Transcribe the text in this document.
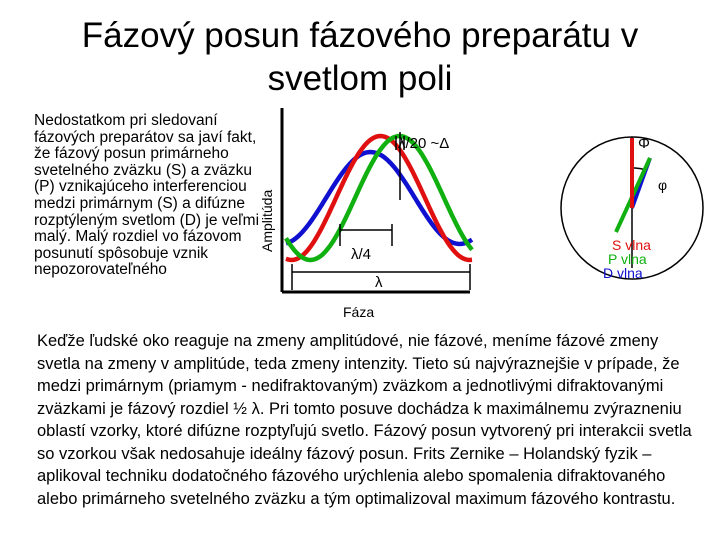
Fázový posun fázového preparátu v
svetlom poli
Nedostatkom pri sledovaní fázových preparátov sa javí fakt, že fázový posun primárneho svetelného zväzku (S) a zväzku (P) vznikajúceho interferenciou medzi primárnym (S) a difúzne rozptýleným svetlom (D) je veľmi malý. Malý rozdiel vo fázovom posunutí spôsobuje vznik nepozorovateľného
Amplitúda
Fáza
λ/20 ~Δ
λ/4
λ
Φ
φ
S vlna
P vlna
D vlna
Keďže ľudské oko reaguje na zmeny amplitúdové, nie fázové, meníme fázové zmeny svetla na zmeny v amplitúde, teda zmeny intenzity. Tieto sú najvýraznejšie v prípade, že medzi primárnym (priamym - nedifraktovaným) zväzkom a jednotlivými difraktovanými zväzkami je fázový rozdiel ½ λ. Pri tomto posuve dochádza k maximálnemu zvýrazneniu oblastí vzorky, ktoré difúzne rozptyľujú svetlo. Fázový posun vytvorený pri interakcii svetla so vzorkou však nedosahuje ideálny fázový posun. Frits Zernike – Holandský fyzik – aplikoval techniku dodatočného fázového urýchlenia alebo spomalenia difraktovaného alebo primárneho svetelného zväzku a tým optimalizoval maximum fázového kontrastu.
